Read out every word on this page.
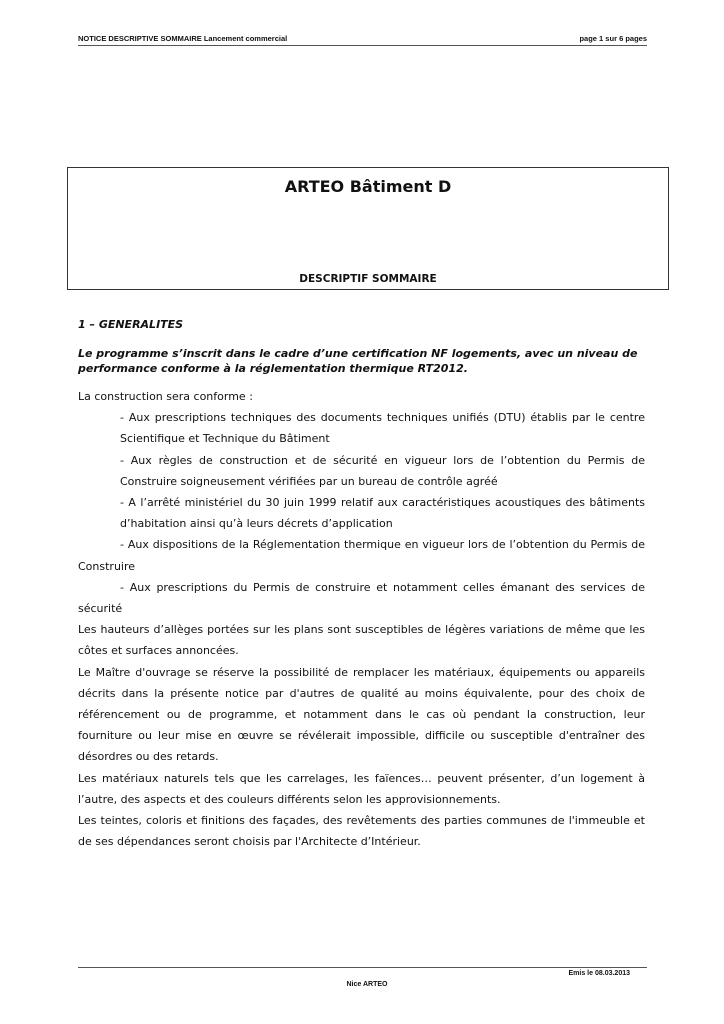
NOTICE DESCRIPTIVE SOMMAIRE Lancement commercial	page 1 sur 6 pages
ARTEO Bâtiment D
DESCRIPTIF SOMMAIRE
1 – GENERALITES
Le programme s’inscrit dans le cadre d’une certification NF logements, avec un niveau de performance conforme à la réglementation thermique RT2012.

La construction sera conforme :

- Aux prescriptions techniques des documents techniques unifiés (DTU) établis par le centre Scientifique et Technique du Bâtiment

- Aux règles de construction et de sécurité en vigueur lors de l’obtention du Permis de Construire soigneusement vérifiées par un bureau de contrôle agréé

- A l’arrêté ministériel du 30 juin 1999 relatif aux caractéristiques acoustiques des bâtiments d’habitation ainsi qu’à leurs décrets d’application

- Aux dispositions de la Réglementation thermique en vigueur lors de l’obtention du Permis de Construire

- Aux prescriptions du Permis de construire et notamment celles émanant des services de sécurité

Les hauteurs d’allèges portées sur les plans sont susceptibles de légères variations de même que les côtes et surfaces annoncées.

Le Maître d'ouvrage se réserve la possibilité de remplacer les matériaux, équipements ou appareils décrits dans la présente notice par d'autres de qualité au moins équivalente, pour des choix de référencement ou de programme, et notamment dans le cas où pendant la construction, leur fourniture ou leur mise en œuvre se révélerait impossible, difficile ou susceptible d'entraîner des désordres ou des retards.

Les matériaux naturels tels que les carrelages, les faïences… peuvent présenter, d’un logement à l’autre, des aspects et des couleurs différents selon les approvisionnements.

Les teintes, coloris et finitions des façades, des revêtements des parties communes de l'immeuble et de ses dépendances seront choisis par l'Architecte d’Intérieur.

Emis le 08.03.2013
Nice ARTEO
